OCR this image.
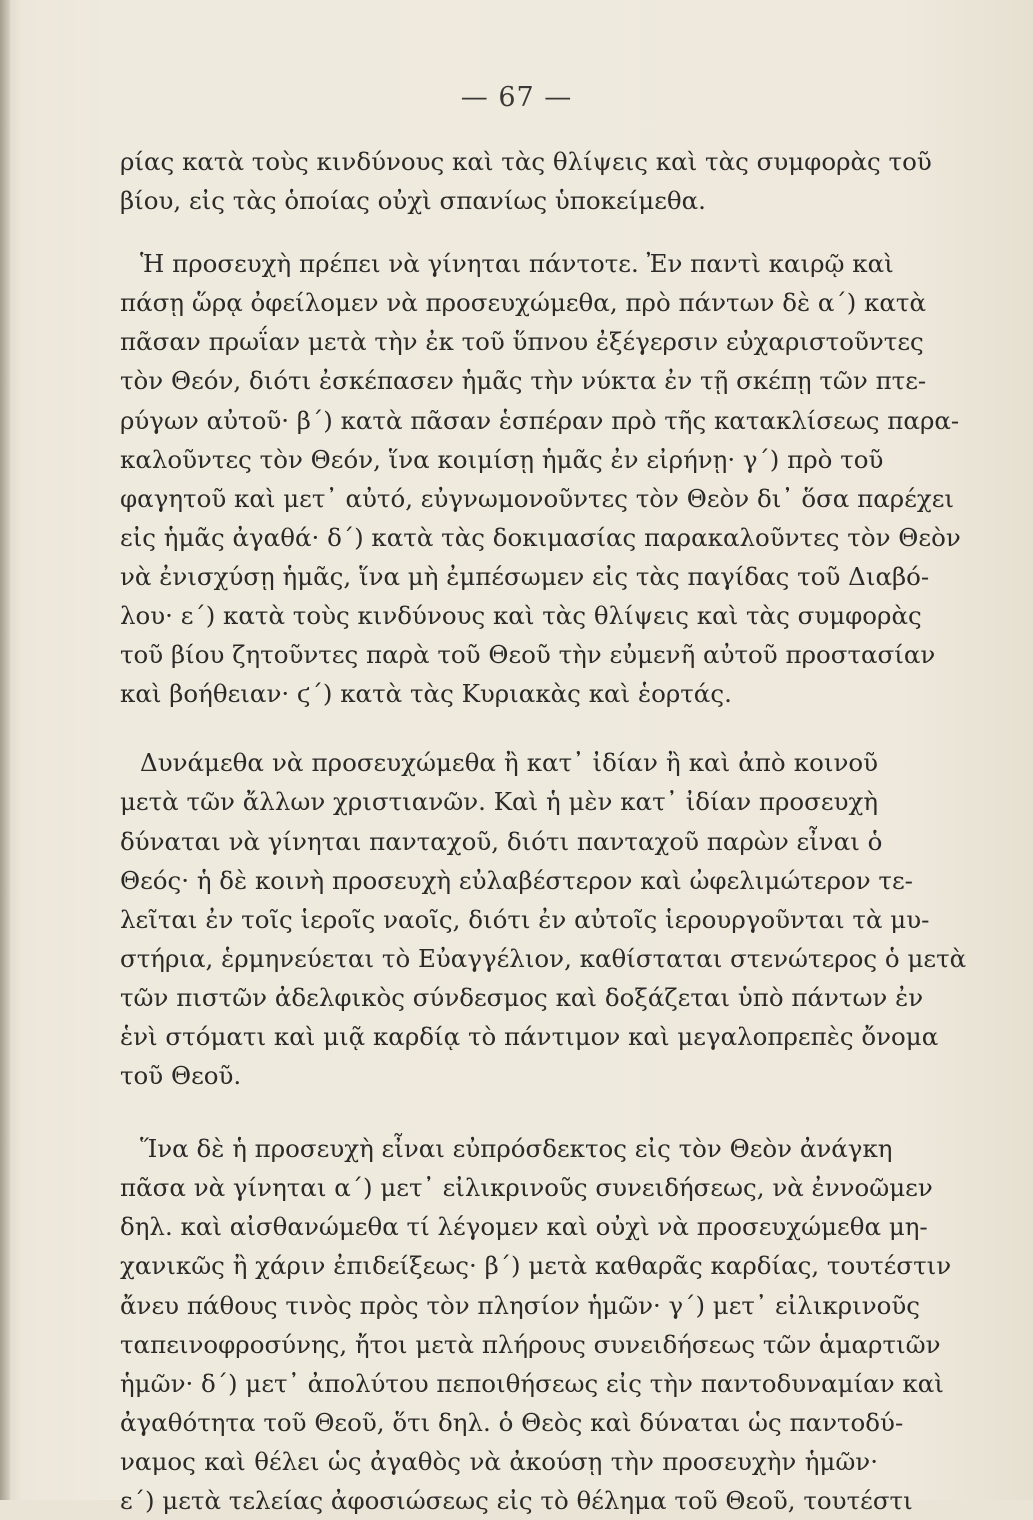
— 67 —
ρίας κατὰ τοὺς κινδύνους καὶ τὰς θλίψεις καὶ τὰς συμφορὰς τοῦ
βίου, εἰς τὰς ὁποίας οὐχὶ σπανίως ὑποκείμεθα.
Ἡ προσευχὴ πρέπει νὰ γίνηται πάντοτε. Ἐν παντὶ καιρῷ καὶ
πάσῃ ὥρᾳ ὀφείλομεν νὰ προσευχώμεθα, πρὸ πάντων δὲ α΄) κατὰ
πᾶσαν πρωΐαν μετὰ τὴν ἐκ τοῦ ὕπνου ἐξέγερσιν εὐχαριστοῦντες
τὸν Θεόν, διότι ἐσκέπασεν ἡμᾶς τὴν νύκτα ἐν τῇ σκέπῃ τῶν πτε-
ρύγων αὐτοῦ· β΄) κατὰ πᾶσαν ἑσπέραν πρὸ τῆς κατακλίσεως παρα-
καλοῦντες τὸν Θεόν, ἵνα κοιμίσῃ ἡμᾶς ἐν εἰρήνῃ· γ΄) πρὸ τοῦ
φαγητοῦ καὶ μετ᾽ αὐτό, εὐγνωμονοῦντες τὸν Θεὸν δι᾽ ὅσα παρέχει
εἰς ἡμᾶς ἀγαθά· δ΄) κατὰ τὰς δοκιμασίας παρακαλοῦντες τὸν Θεὸν
νὰ ἐνισχύσῃ ἡμᾶς, ἵνα μὴ ἐμπέσωμεν εἰς τὰς παγίδας τοῦ Διαβό-
λου· ε΄) κατὰ τοὺς κινδύνους καὶ τὰς θλίψεις καὶ τὰς συμφορὰς
τοῦ βίου ζητοῦντες παρὰ τοῦ Θεοῦ τὴν εὐμενῆ αὐτοῦ προστασίαν
καὶ βοήθειαν· ϛ΄) κατὰ τὰς Κυριακὰς καὶ ἑορτάς.
Δυνάμεθα νὰ προσευχώμεθα ἢ κατ᾽ ἰδίαν ἢ καὶ ἀπὸ κοινοῦ
μετὰ τῶν ἄλλων χριστιανῶν. Καὶ ἡ μὲν κατ᾽ ἰδίαν προσευχὴ
δύναται νὰ γίνηται πανταχοῦ, διότι πανταχοῦ παρὼν εἶναι ὁ
Θεός· ἡ δὲ κοινὴ προσευχὴ εὐλαβέστερον καὶ ὠφελιμώτερον τε-
λεῖται ἐν τοῖς ἱεροῖς ναοῖς, διότι ἐν αὐτοῖς ἱερουργοῦνται τὰ μυ-
στήρια, ἑρμηνεύεται τὸ Εὐαγγέλιον, καθίσταται στενώτερος ὁ μετὰ
τῶν πιστῶν ἀδελφικὸς σύνδεσμος καὶ δοξάζεται ὑπὸ πάντων ἐν
ἑνὶ στόματι καὶ μιᾷ καρδίᾳ τὸ πάντιμον καὶ μεγαλοπρεπὲς ὄνομα
τοῦ Θεοῦ.
Ἵνα δὲ ἡ προσευχὴ εἶναι εὐπρόσδεκτος εἰς τὸν Θεὸν ἀνάγκη
πᾶσα νὰ γίνηται α΄) μετ᾽ εἰλικρινοῦς συνειδήσεως, νὰ ἐννοῶμεν
δηλ. καὶ αἰσθανώμεθα τί λέγομεν καὶ οὐχὶ νὰ προσευχώμεθα μη-
χανικῶς ἢ χάριν ἐπιδείξεως· β΄) μετὰ καθαρᾶς καρδίας, τουτέστιν
ἄνευ πάθους τινὸς πρὸς τὸν πλησίον ἡμῶν· γ΄) μετ᾽ εἰλικρινοῦς
ταπεινοφροσύνης, ἤτοι μετὰ πλήρους συνειδήσεως τῶν ἁμαρτιῶν
ἡμῶν· δ΄) μετ᾽ ἀπολύτου πεποιθήσεως εἰς τὴν παντοδυναμίαν καὶ
ἀγαθότητα τοῦ Θεοῦ, ὅτι δηλ. ὁ Θεὸς καὶ δύναται ὡς παντοδύ-
ναμος καὶ θέλει ὡς ἀγαθὸς νὰ ἀκούσῃ τὴν προσευχὴν ἡμῶν·
ε΄) μετὰ τελείας ἀφοσιώσεως εἰς τὸ θέλημα τοῦ Θεοῦ, τουτέστι
